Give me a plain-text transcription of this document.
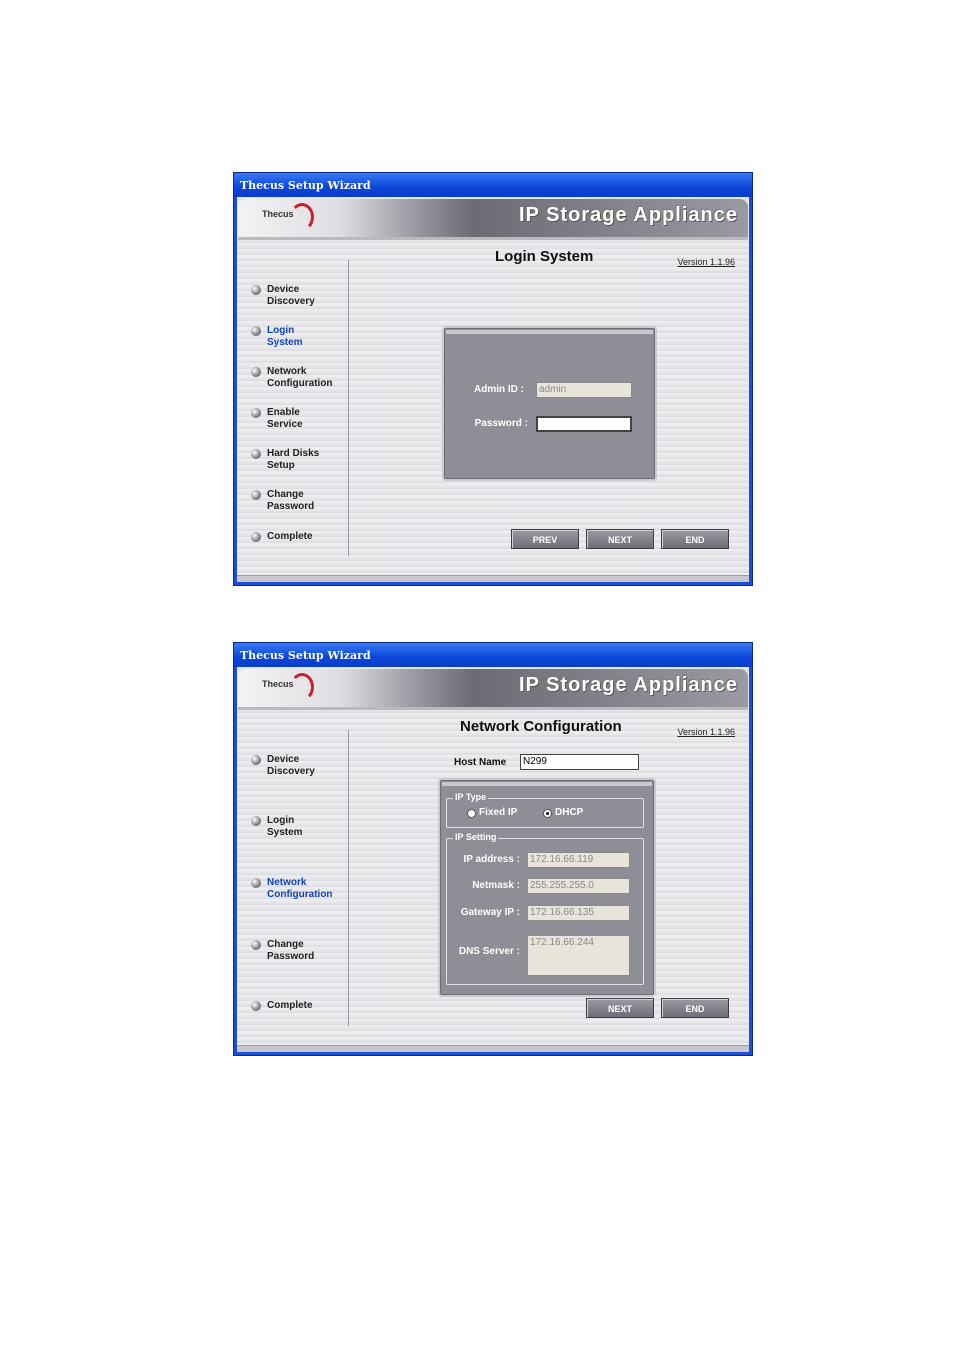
Thecus Setup Wizard
Thecus	IP Storage Appliance
Login System	Version 1.1.96
Device
Discovery
Login
System
Network
Configuration
Enable
Service
Hard Disks
Setup
Change
Password
Complete
Admin ID :	admin
Password :
PREV	NEXT	END
Thecus Setup Wizard
Thecus	IP Storage Appliance
Network Configuration	Version 1.1.96
Device
Discovery
Login
System
Network
Configuration
Change
Password
Complete
Host Name	N299
IP Type
Fixed IP	DHCP
IP Setting
IP address :	172.16.66.119
Netmask :	255.255.255.0
Gateway IP :	172.16.66.135
DNS Server :
172.16.66.244
NEXT	END
